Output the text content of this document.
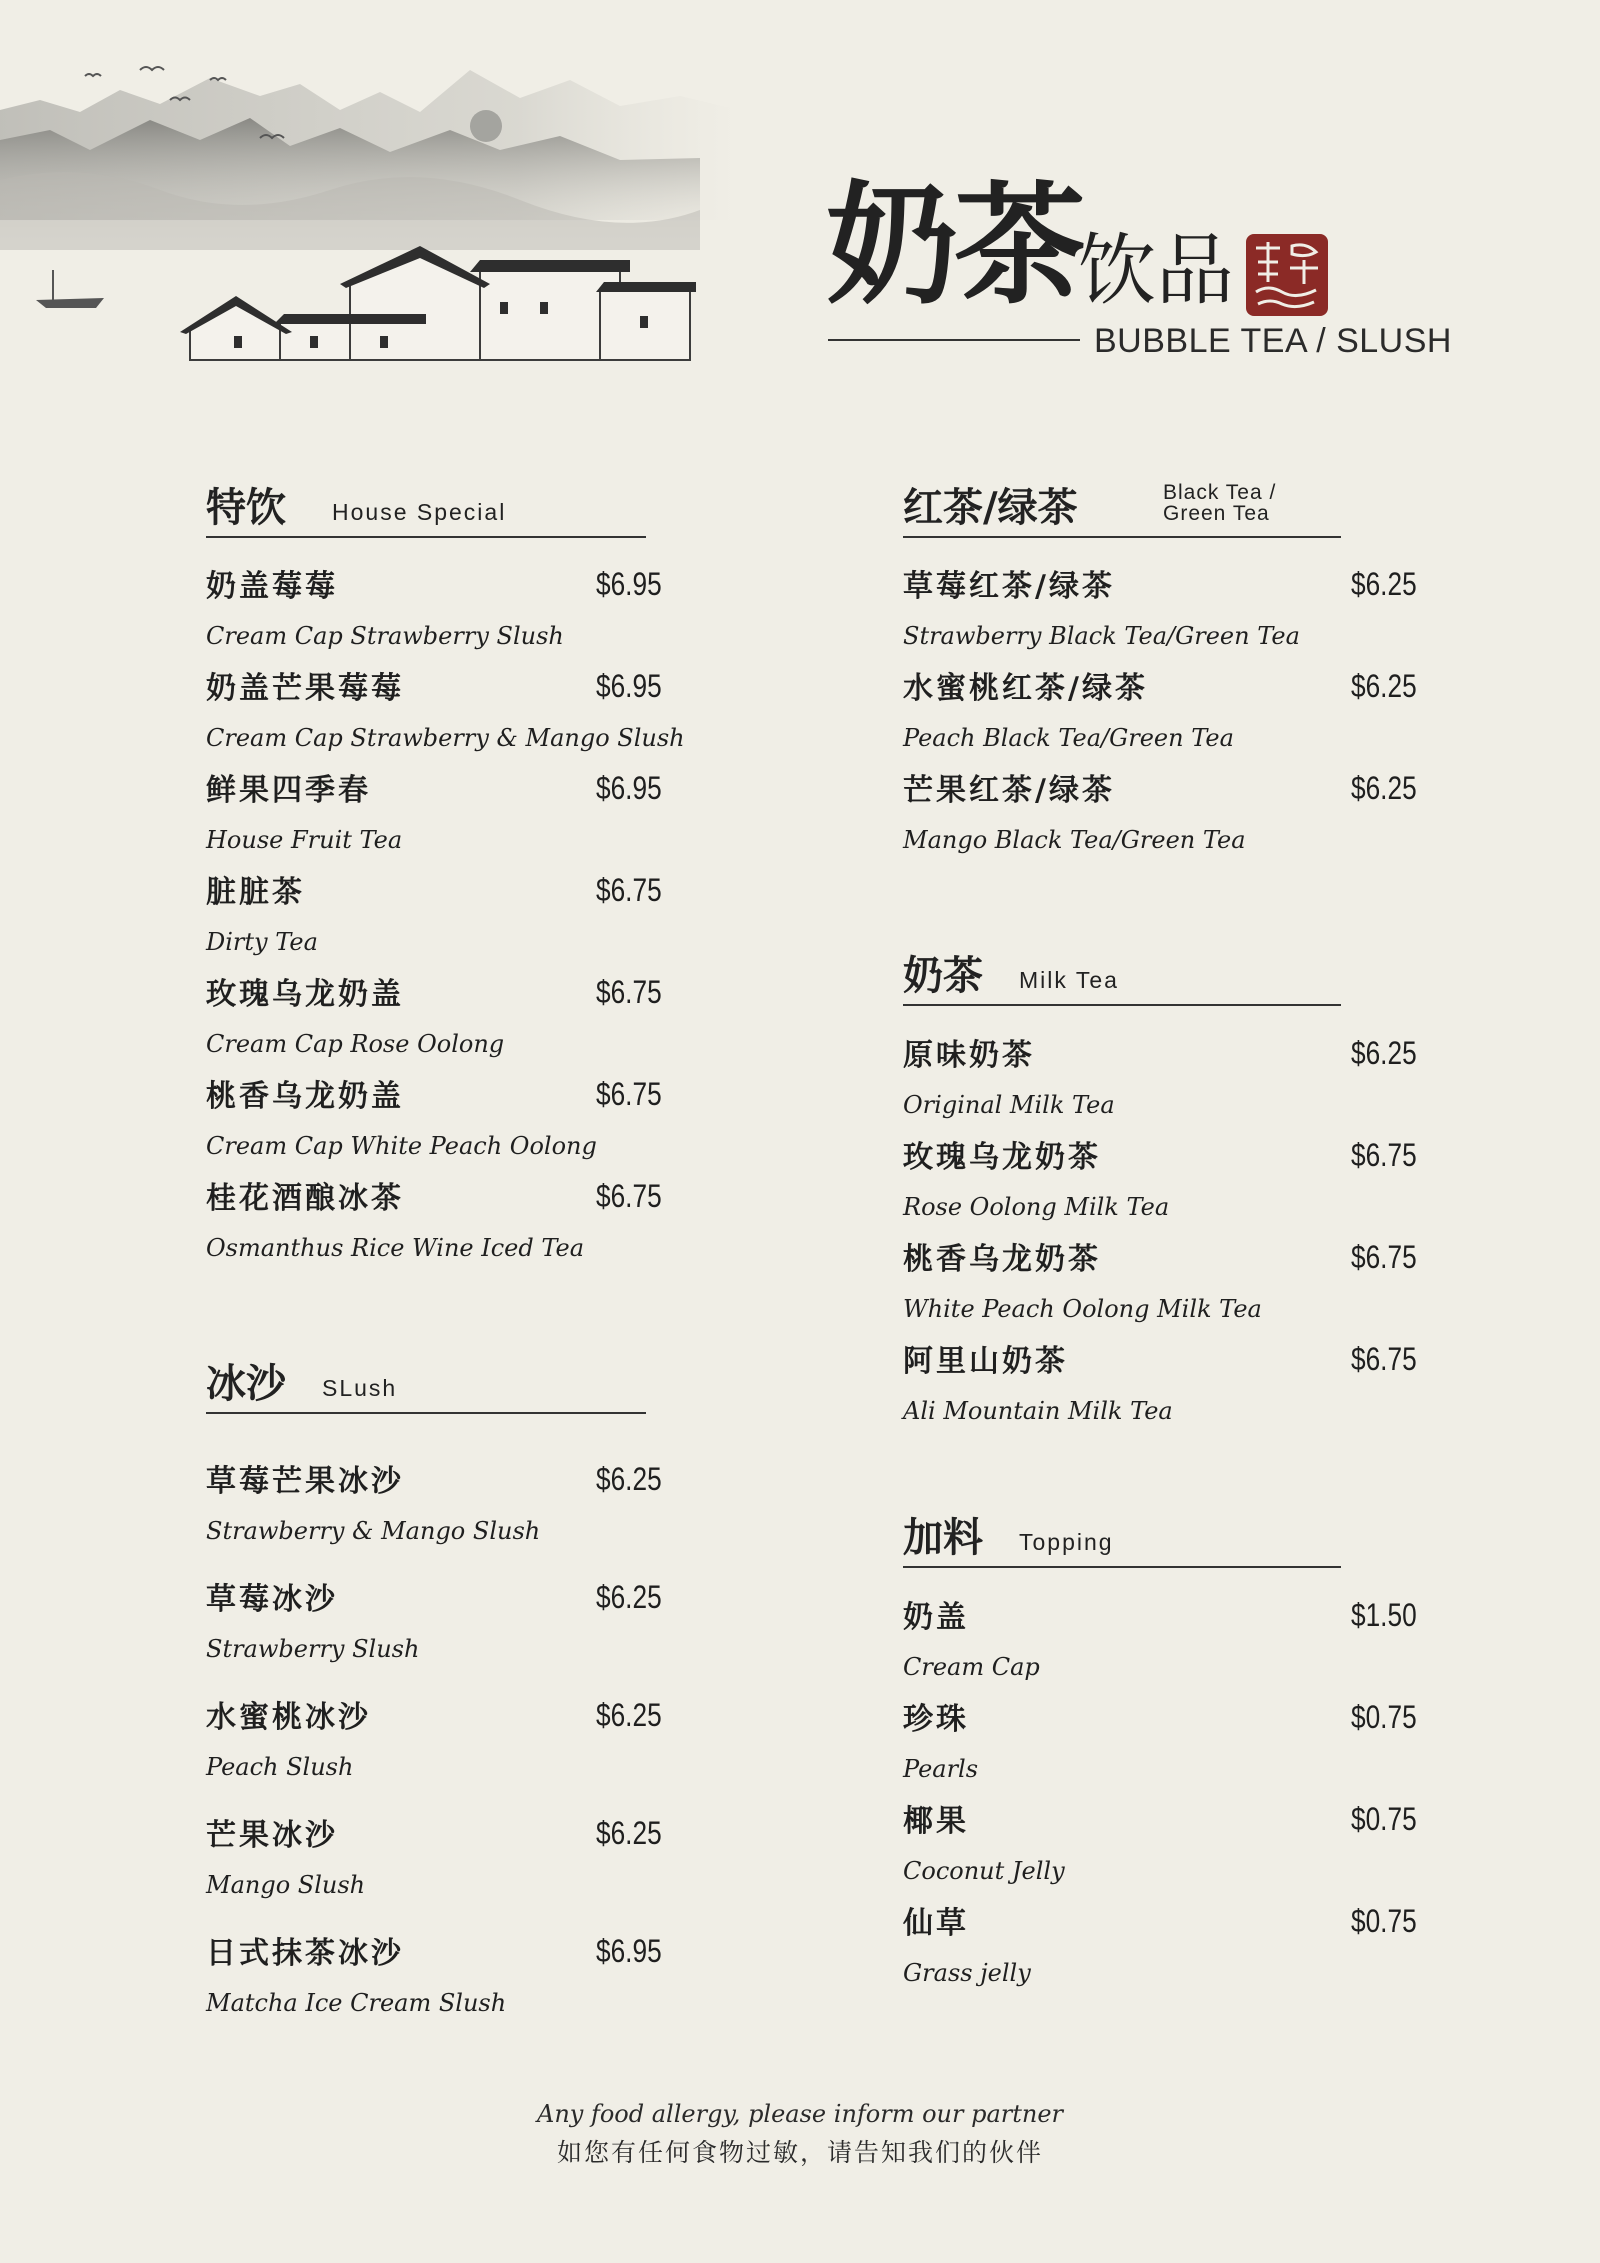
奶茶
饮品
BUBBLE TEA / SLUSH
特饮 House Special
奶盖莓莓
Cream Cap Strawberry Slush
$6.95
奶盖芒果莓莓
Cream Cap Strawberry & Mango Slush
$6.95
鲜果四季春
House Fruit Tea
$6.95
脏脏茶
Dirty Tea
$6.75
玫瑰乌龙奶盖
Cream Cap Rose Oolong
$6.75
桃香乌龙奶盖
Cream Cap White Peach Oolong
$6.75
桂花酒酿冰茶
Osmanthus Rice Wine Iced Tea
$6.75
冰沙 SLush
草莓芒果冰沙
Strawberry & Mango Slush
$6.25
草莓冰沙
Strawberry Slush
$6.25
水蜜桃冰沙
Peach Slush
$6.25
芒果冰沙
Mango Slush
$6.25
日式抹茶冰沙
Matcha Ice Cream Slush
$6.95
红茶/绿茶	Black Tea / Green Tea
草莓红茶/绿茶
Strawberry Black Tea/Green Tea
$6.25
水蜜桃红茶/绿茶
Peach Black Tea/Green Tea
$6.25
芒果红茶/绿茶
Mango Black Tea/Green Tea
$6.25
奶茶 Milk Tea
原味奶茶
Original Milk Tea
$6.25
玫瑰乌龙奶茶
Rose Oolong Milk Tea
$6.75
桃香乌龙奶茶
White Peach Oolong Milk Tea
$6.75
阿里山奶茶
Ali Mountain Milk Tea
$6.75
加料 Topping
奶盖
Cream Cap
$1.50
珍珠
Pearls
$0.75
椰果
Coconut Jelly
$0.75
仙草
Grass jelly
$0.75
Any food allergy, please inform our partner
如您有任何食物过敏，请告知我们的伙伴
